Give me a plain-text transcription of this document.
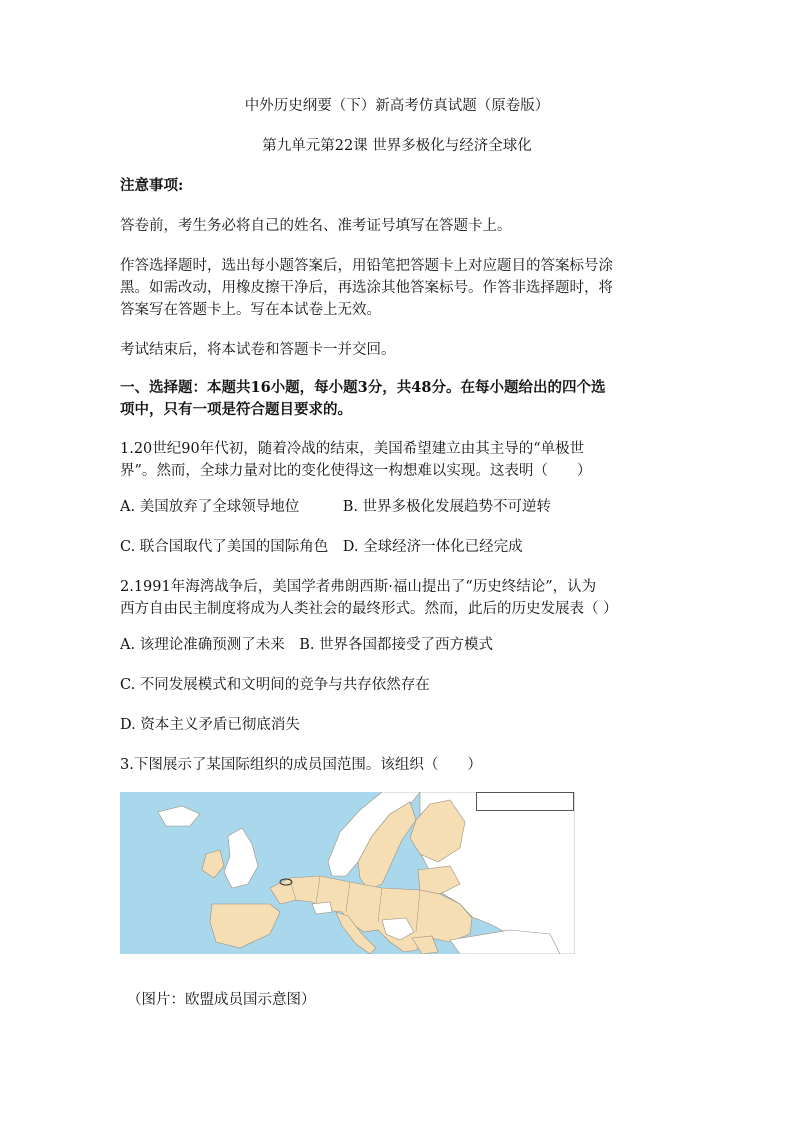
中外历史纲要（下）新高考仿真试题（原卷版）
第九单元第22课 世界多极化与经济全球化
注意事项:
答卷前，考生务必将自己的姓名、准考证号填写在答题卡上。
作答选择题时，选出每小题答案后，用铅笔把答题卡上对应题目的答案标号涂
黑。如需改动，用橡皮擦干净后，再选涂其他答案标号。作答非选择题时，将
答案写在答题卡上。写在本试卷上无效。
考试结束后，将本试卷和答题卡一并交回。
一、选择题：本题共16小题，每小题3分，共48分。在每小题给出的四个选
项中，只有一项是符合题目要求的。
1.20世纪90年代初，随着冷战的结束，美国希望建立由其主导的“单极世
界”。然而，全球力量对比的变化使得这一构想难以实现。这表明（　　）
A. 美国放弃了全球领导地位　　　B. 世界多极化发展趋势不可逆转
C. 联合国取代了美国的国际角色　D. 全球经济一体化已经完成
2.1991年海湾战争后，美国学者弗朗西斯·福山提出了“历史终结论”，认为
西方自由民主制度将成为人类社会的最终形式。然而，此后的历史发展表（ ）
A. 该理论准确预测了未来　B. 世界各国都接受了西方模式
C. 不同发展模式和文明间的竞争与共存依然存在
D. 资本主义矛盾已彻底消失
3.下图展示了某国际组织的成员国范围。该组织（　　）
（图片：欧盟成员国示意图）
